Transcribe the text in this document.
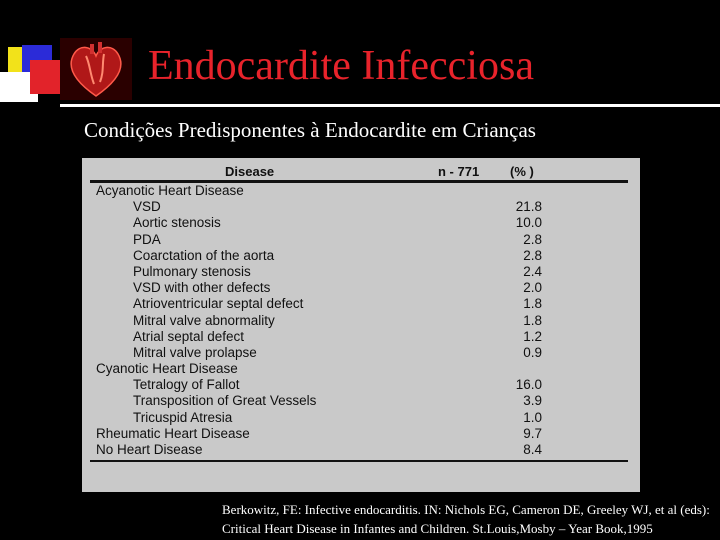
Endocardite Infecciosa
Condições Predisponentes à Endocardite em Crianças
Disease	n - 771 (% )
Acyanotic Heart Disease
VSD	21.8
Aortic stenosis	10.0
PDA	2.8
Coarctation of the aorta	2.8
Pulmonary stenosis	2.4
VSD with other defects	2.0
Atrioventricular septal defect	1.8
Mitral valve abnormality	1.8
Atrial septal defect	1.2
Mitral valve prolapse	0.9
Cyanotic Heart Disease
Tetralogy of Fallot	16.0
Transposition of Great Vessels	3.9
Tricuspid Atresia	1.0
Rheumatic Heart Disease	9.7
No Heart Disease	8.4
Berkowitz, FE: Infective endocarditis. IN: Nichols EG, Cameron DE, Greeley WJ, et al (eds): Critical Heart Disease in Infantes and Children. St.Louis,Mosby – Year Book,1995
